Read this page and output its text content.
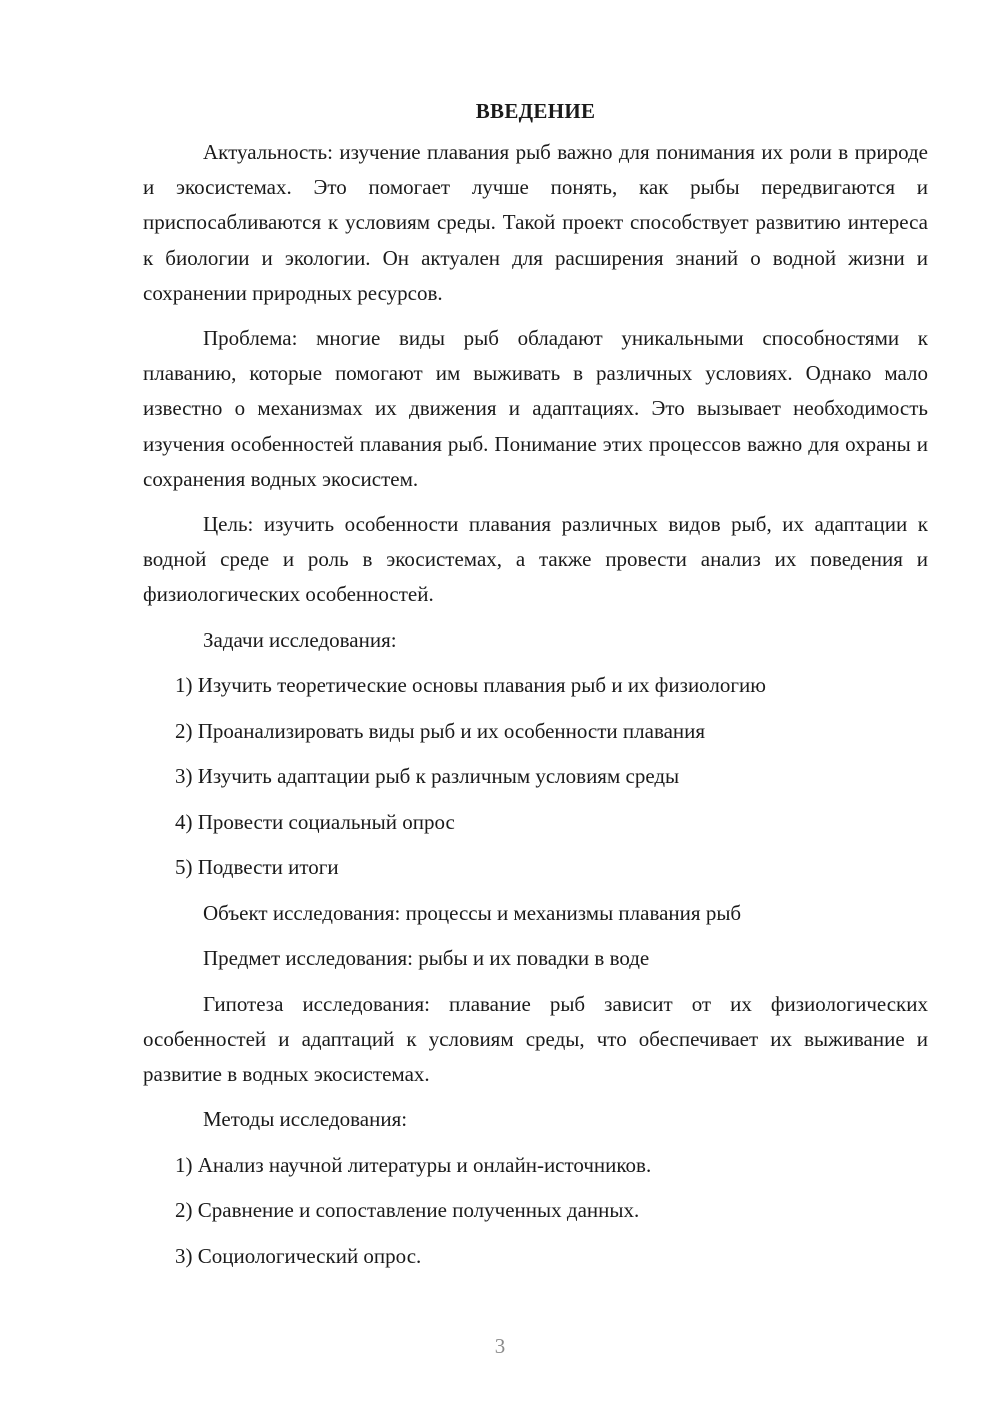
ВВЕДЕНИЕ

Актуальность: изучение плавания рыб важно для понимания их роли в природе и экосистемах. Это помогает лучше понять, как рыбы передвигаются и приспосабливаются к условиям среды. Такой проект способствует развитию интереса к биологии и экологии. Он актуален для расширения знаний о водной жизни и сохранении природных ресурсов.

Проблема: многие виды рыб обладают уникальными способностями к плаванию, которые помогают им выживать в различных условиях. Однако мало известно о механизмах их движения и адаптациях. Это вызывает необходимость изучения особенностей плавания рыб. Понимание этих процессов важно для охраны и сохранения водных экосистем.

Цель: изучить особенности плавания различных видов рыб, их адаптации к водной среде и роль в экосистемах, а также провести анализ их поведения и физиологических особенностей.

Задачи исследования:

1) Изучить теоретические основы плавания рыб и их физиологию

2) Проанализировать виды рыб и их особенности плавания

3) Изучить адаптации рыб к различным условиям среды

4) Провести социальный опрос

5) Подвести итоги

Объект исследования: процессы и механизмы плавания рыб

Предмет исследования: рыбы и их повадки в воде

Гипотеза исследования: плавание рыб зависит от их физиологических особенностей и адаптаций к условиям среды, что обеспечивает их выживание и развитие в водных экосистемах.

Методы исследования:

1) Анализ научной литературы и онлайн-источников.

2) Сравнение и сопоставление полученных данных.

3) Социологический опрос.

3
